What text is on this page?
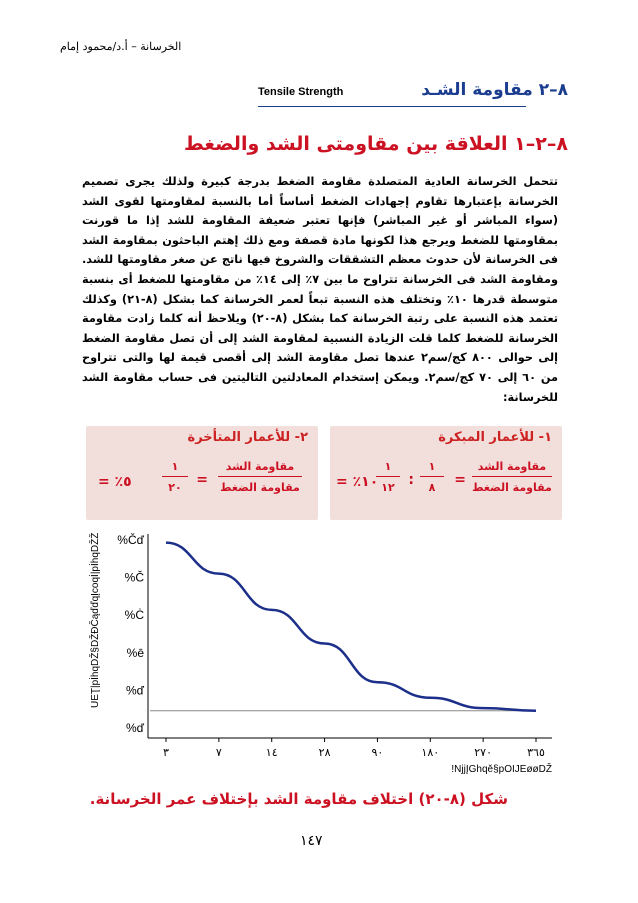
الخرسانة – أ.د/محمود إمام
٨–٢ مقاومة الشـد
Tensile Strength
٨–٢–١ العلاقة بين مقاومتى الشد والضغط
تتحمل الخرسانة العادية المتصلدة مقاومة الضغط بدرجة كبيرة ولذلك يجرى تصميم الخرسانة بإعتبارها تقاوم إجهادات الضغط أساساً أما بالنسبة لمقاومتها لقوى الشد (سواء المباشر أو غير المباشر) فإنها تعتبر ضعيفة المقاومة للشد إذا ما قورنت بمقاومتها للضغط ويرجع هذا لكونها مادة قصفة ومع ذلك إهتم الباحثون بمقاومة الشد فى الخرسانة لأن حدوث معظم التشققات والشروخ فيها ناتج عن صغر مقاومتها للشد. ومقاومة الشد فى الخرسانة تتراوح ما بين ٧٪ إلى ١٤٪ من مقاومتها للضغط أى بنسبة متوسطة قدرها ١٠٪ وتختلف هذه النسبة تبعاً لعمر الخرسانة كما بشكل (٨-٢١) وكذلك تعتمد هذه النسبة على رتبة الخرسانة كما بشكل (٨-٢٠) ويلاحظ أنه كلما زادت مقاومة الخرسانة للضغط كلما قلت الزيادة النسبية لمقاومة الشد إلى أن تصل مقاومة الضغط إلى حوالى ٨٠٠ كج/سم٢ عندها تصل مقاومة الشد إلى أقصى قيمة لها والتى تتراوح من ٦٠ إلى ٧٠ كج/سم٢. ويمكن إستخدام المعادلتين التاليتين فى حساب مقاومة الشد للخرسانة:
١- للأعمار المبكرة
مقاومة الشد
مقاومة الضغط
=
١
٨
:
١
١٢
١٠٪ =
٢- للأعمار المتأخرة
مقاومة الشد
مقاومة الضغط
=
١
٢٠
٥٪ =
UEŢ|pİhqDŽ§DŽĐČąďďqĮcoqİ|pİhqDŽŽ
%ď
%ď
%ē
%Ċ
%Č
%Čď
٣	٧	١٤	٢٨	٩٠	١٨٠	٢٧٠	٣٦٥
!NjjĮGhqě§pOIJEøøDŽ
شكل (٨-٢٠) اختلاف مقاومة الشد بإختلاف عمر الخرسانة.
١٤٧
